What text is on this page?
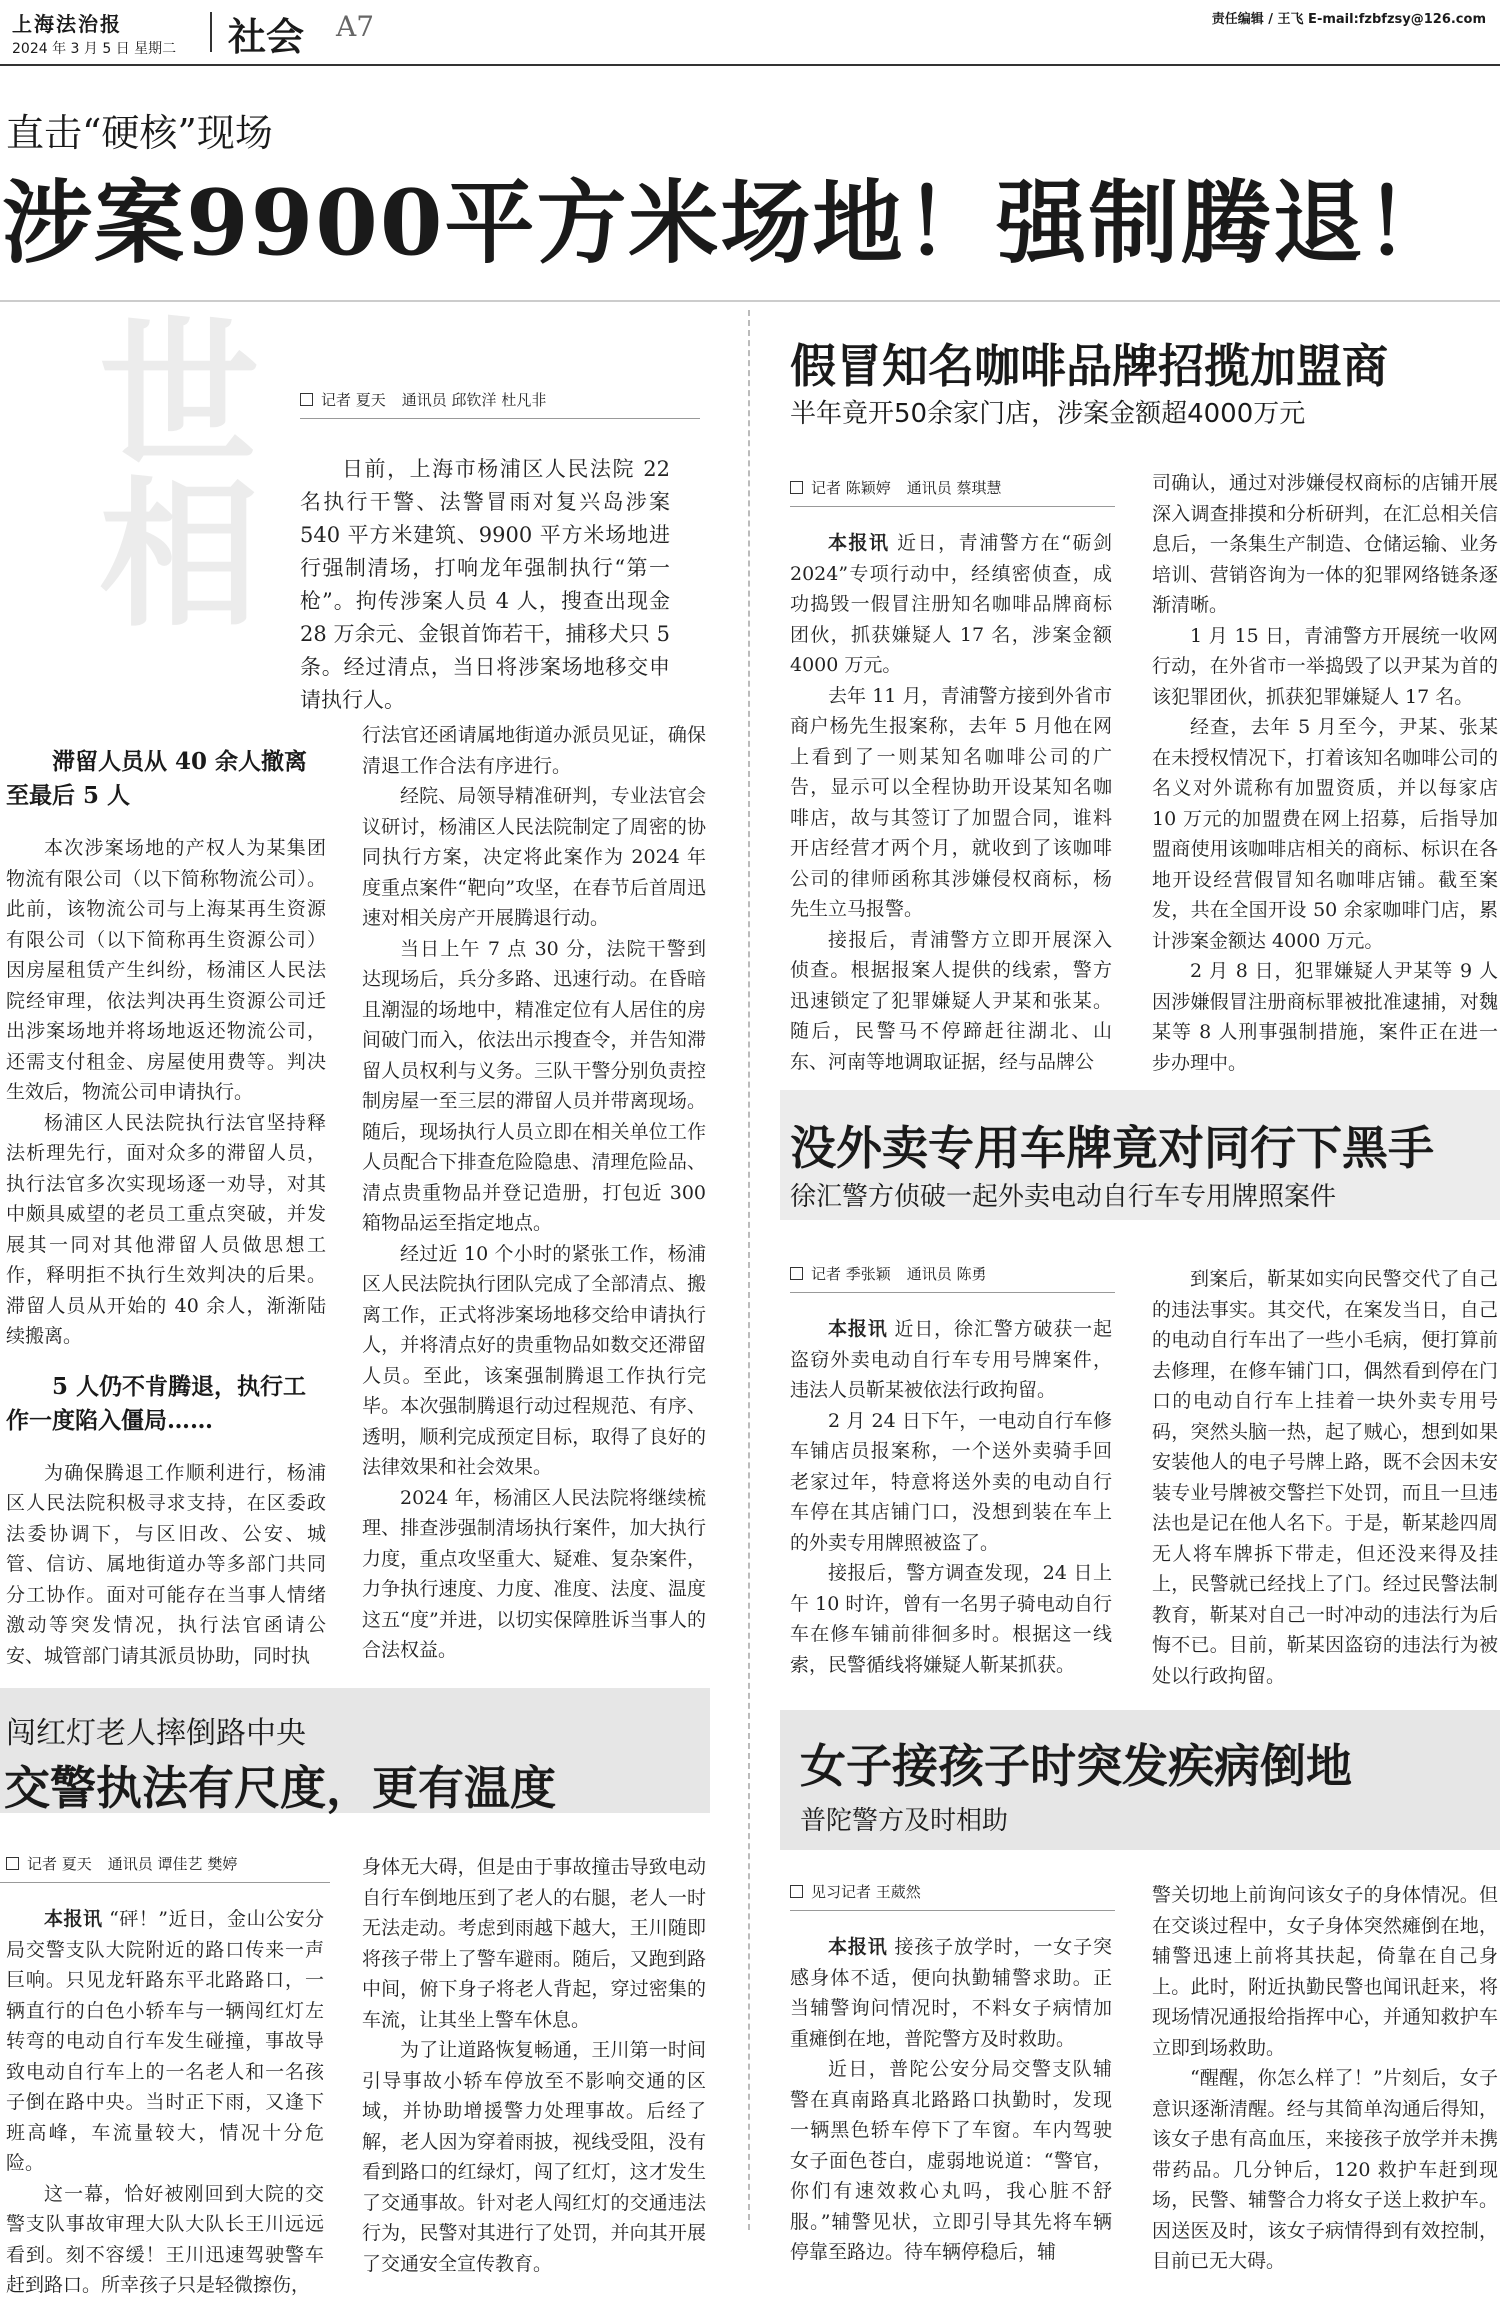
上海法治报
2024 年 3 月 5 日 星期二 社会 A7	责任编辑 / 王飞 E-mail:fzbfzsy@126.com
直击“硬核”现场
涉案9900平方米场地！强制腾退！
世相	记者 夏天 通讯员 邱钦洋 杜凡非

日前，上海市杨浦区人民法院 22 名执行干警、法警冒雨对复兴岛涉案 540 平方米建筑、9900 平方米场地进行强制清场，打响龙年强制执行“第一枪”。拘传涉案人员 4 人，搜查出现金 28 万余元、金银首饰若干，捕移犬只 5 条。经过清点，当日将涉案场地移交申请执行人。

滞留人员从 40 余人撤离至最后 5 人

本次涉案场地的产权人为某集团物流有限公司（以下简称物流公司）。此前，该物流公司与上海某再生资源有限公司（以下简称再生资源公司）因房屋租赁产生纠纷，杨浦区人民法院经审理，依法判决再生资源公司迁出涉案场地并将场地返还物流公司，还需支付租金、房屋使用费等。判决生效后，物流公司申请执行。

杨浦区人民法院执行法官坚持释法析理先行，面对众多的滞留人员，执行法官多次实现场逐一劝导，对其中颇具威望的老员工重点突破，并发展其一同对其他滞留人员做思想工作，释明拒不执行生效判决的后果。滞留人员从开始的 40 余人，渐渐陆续搬离。

5 人仍不肯腾退，执行工作一度陷入僵局……

为确保腾退工作顺利进行，杨浦区人民法院积极寻求支持，在区委政法委协调下，与区旧改、公安、城管、信访、属地街道办等多部门共同分工协作。面对可能存在当事人情绪激动等突发情况，执行法官函请公安、城管部门请其派员协助，同时执

行法官还函请属地街道办派员见证，确保清退工作合法有序进行。

经院、局领导精准研判，专业法官会议研讨，杨浦区人民法院制定了周密的协同执行方案，决定将此案作为 2024 年度重点案件“靶向”攻坚，在春节后首周迅速对相关房产开展腾退行动。

当日上午 7 点 30 分，法院干警到达现场后，兵分多路、迅速行动。在昏暗且潮湿的场地中，精准定位有人居住的房间破门而入，依法出示搜查令，并告知滞留人员权利与义务。三队干警分别负责控制房屋一至三层的滞留人员并带离现场。随后，现场执行人员立即在相关单位工作人员配合下排查危险隐患、清理危险品、清点贵重物品并登记造册，打包近 300 箱物品运至指定地点。

经过近 10 个小时的紧张工作，杨浦区人民法院执行团队完成了全部清点、搬离工作，正式将涉案场地移交给申请执行人，并将清点好的贵重物品如数交还滞留人员。至此，该案强制腾退工作执行完毕。本次强制腾退行动过程规范、有序、透明，顺利完成预定目标，取得了良好的法律效果和社会效果。

2024 年，杨浦区人民法院将继续梳理、排查涉强制清场执行案件，加大执行力度，重点攻坚重大、疑难、复杂案件，力争执行速度、力度、准度、法度、温度这五“度”并进，以切实保障胜诉当事人的合法权益。

假冒知名咖啡品牌招揽加盟商
半年竟开50余家门店，涉案金额超4000万元
记者 陈颖婷 通讯员 蔡琪慧

本报讯 近日，青浦警方在“砺剑2024”专项行动中，经缜密侦查，成功捣毁一假冒注册知名咖啡品牌商标团伙，抓获嫌疑人 17 名，涉案金额 4000 万元。

去年 11 月，青浦警方接到外省市商户杨先生报案称，去年 5 月他在网上看到了一则某知名咖啡公司的广告，显示可以全程协助开设某知名咖啡店，故与其签订了加盟合同，谁料开店经营才两个月，就收到了该咖啡公司的律师函称其涉嫌侵权商标，杨先生立马报警。

接报后，青浦警方立即开展深入侦查。根据报案人提供的线索，警方迅速锁定了犯罪嫌疑人尹某和张某。随后，民警马不停蹄赶往湖北、山东、河南等地调取证据，经与品牌公

司确认，通过对涉嫌侵权商标的店铺开展深入调查排摸和分析研判，在汇总相关信息后，一条集生产制造、仓储运输、业务培训、营销咨询为一体的犯罪网络链条逐渐清晰。

1 月 15 日，青浦警方开展统一收网行动，在外省市一举捣毁了以尹某为首的该犯罪团伙，抓获犯罪嫌疑人 17 名。

经查，去年 5 月至今，尹某、张某在未授权情况下，打着该知名咖啡公司的名义对外谎称有加盟资质，并以每家店 10 万元的加盟费在网上招募，后指导加盟商使用该咖啡店相关的商标、标识在各地开设经营假冒知名咖啡店铺。截至案发，共在全国开设 50 余家咖啡门店，累计涉案金额达 4000 万元。

2 月 8 日，犯罪嫌疑人尹某等 9 人因涉嫌假冒注册商标罪被批准逮捕，对魏某等 8 人刑事强制措施，案件正在进一步办理中。

没外卖专用车牌竟对同行下黑手
徐汇警方侦破一起外卖电动自行车专用牌照案件
记者 季张颖 通讯员 陈勇

本报讯 近日，徐汇警方破获一起盗窃外卖电动自行车专用号牌案件，违法人员靳某被依法行政拘留。

2 月 24 日下午，一电动自行车修车铺店员报案称，一个送外卖骑手回老家过年，特意将送外卖的电动自行车停在其店铺门口，没想到装在车上的外卖专用牌照被盗了。

接报后，警方调查发现，24 日上午 10 时许，曾有一名男子骑电动自行车在修车铺前徘徊多时。根据这一线索，民警循线将嫌疑人靳某抓获。

到案后，靳某如实向民警交代了自己的违法事实。其交代，在案发当日，自己的电动自行车出了一些小毛病，便打算前去修理，在修车铺门口，偶然看到停在门口的电动自行车上挂着一块外卖专用号码，突然头脑一热，起了贼心，想到如果安装他人的电子号牌上路，既不会因未安装专业号牌被交警拦下处罚，而且一旦违法也是记在他人名下。于是，靳某趁四周无人将车牌拆下带走，但还没来得及挂上，民警就已经找上了门。经过民警法制教育，靳某对自己一时冲动的违法行为后悔不已。目前，靳某因盗窃的违法行为被处以行政拘留。

闯红灯老人摔倒路中央
交警执法有尺度，更有温度
记者 夏天 通讯员 谭佳艺 樊婷

本报讯 “砰！”近日，金山公安分局交警支队大院附近的路口传来一声巨响。只见龙轩路东平北路路口，一辆直行的白色小轿车与一辆闯红灯左转弯的电动自行车发生碰撞，事故导致电动自行车上的一名老人和一名孩子倒在路中央。当时正下雨，又逢下班高峰，车流量较大，情况十分危险。

这一幕，恰好被刚回到大院的交警支队事故审理大队大队长王川远远看到。刻不容缓！王川迅速驾驶警车赶到路口。所幸孩子只是轻微擦伤，

身体无大碍，但是由于事故撞击导致电动自行车倒地压到了老人的右腿，老人一时无法走动。考虑到雨越下越大，王川随即将孩子带上了警车避雨。随后，又跑到路中间，俯下身子将老人背起，穿过密集的车流，让其坐上警车休息。

为了让道路恢复畅通，王川第一时间引导事故小轿车停放至不影响交通的区域，并协助增援警力处理事故。后经了解，老人因为穿着雨披，视线受阻，没有看到路口的红绿灯，闯了红灯，这才发生了交通事故。针对老人闯红灯的交通违法行为，民警对其进行了处罚，并向其开展了交通安全宣传教育。

女子接孩子时突发疾病倒地
普陀警方及时相助
见习记者 王葳然

本报讯 接孩子放学时，一女子突感身体不适，便向执勤辅警求助。正当辅警询问情况时，不料女子病情加重瘫倒在地，普陀警方及时救助。

近日，普陀公安分局交警支队辅警在真南路真北路路口执勤时，发现一辆黑色轿车停下了车窗。车内驾驶女子面色苍白，虚弱地说道：“警官，你们有速效救心丸吗，我心脏不舒服。”辅警见状，立即引导其先将车辆停靠至路边。待车辆停稳后，辅

警关切地上前询问该女子的身体情况。但在交谈过程中，女子身体突然瘫倒在地，辅警迅速上前将其扶起，倚靠在自己身上。此时，附近执勤民警也闻讯赶来，将现场情况通报给指挥中心，并通知救护车立即到场救助。

“醒醒，你怎么样了！”片刻后，女子意识逐渐清醒。经与其简单沟通后得知，该女子患有高血压，来接孩子放学并未携带药品。几分钟后，120 救护车赶到现场，民警、辅警合力将女子送上救护车。因送医及时，该女子病情得到有效控制，目前已无大碍。
